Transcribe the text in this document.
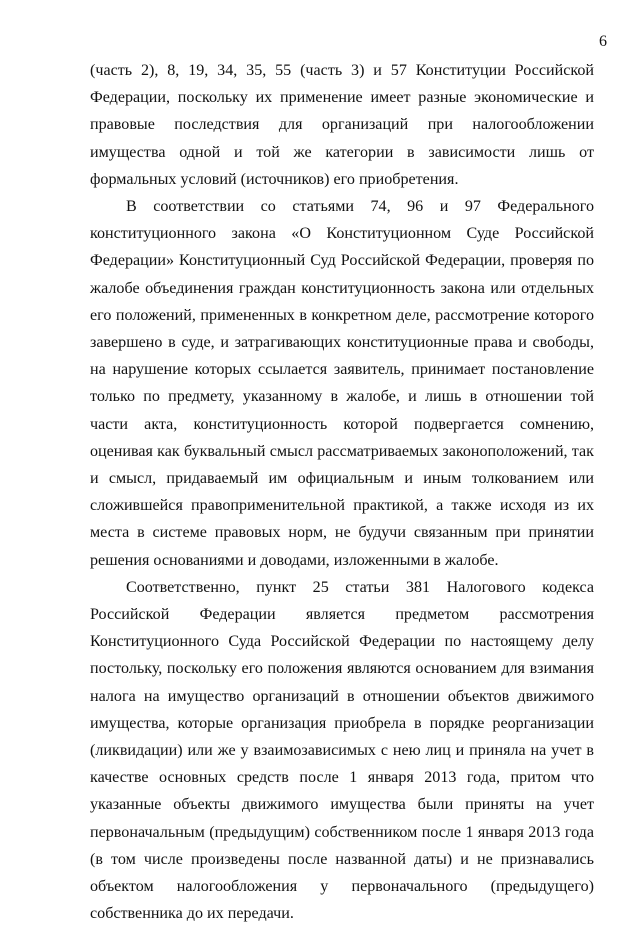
6

(часть 2), 8, 19, 34, 35, 55 (часть 3) и 57 Конституции Российской Федерации, поскольку их применение имеет разные экономические и правовые последствия для организаций при налогообложении имущества одной и той же категории в зависимости лишь от формальных условий (источников) его приобретения.

В соответствии со статьями 74, 96 и 97 Федерального конституционного закона «О Конституционном Суде Российской Федерации» Конституционный Суд Российской Федерации, проверяя по жалобе объединения граждан конституционность закона или отдельных его положений, примененных в конкретном деле, рассмотрение которого завершено в суде, и затрагивающих конституционные права и свободы, на нарушение которых ссылается заявитель, принимает постановление только по предмету, указанному в жалобе, и лишь в отношении той части акта, конституционность которой подвергается сомнению, оценивая как буквальный смысл рассматриваемых законоположений, так и смысл, придаваемый им официальным и иным толкованием или сложившейся правоприменительной практикой, а также исходя из их места в системе правовых норм, не будучи связанным при принятии решения основаниями и доводами, изложенными в жалобе.

Соответственно, пункт 25 статьи 381 Налогового кодекса Российской Федерации является предметом рассмотрения Конституционного Суда Российской Федерации по настоящему делу постольку, поскольку его положения являются основанием для взимания налога на имущество организаций в отношении объектов движимого имущества, которые организация приобрела в порядке реорганизации (ликвидации) или же у взаимозависимых с нею лиц и приняла на учет в качестве основных средств после 1 января 2013 года, притом что указанные объекты движимого имущества были приняты на учет первоначальным (предыдущим) собственником после 1 января 2013 года (в том числе произведены после названной даты) и не признавались объектом налогообложения у первоначального (предыдущего) собственника до их передачи.
